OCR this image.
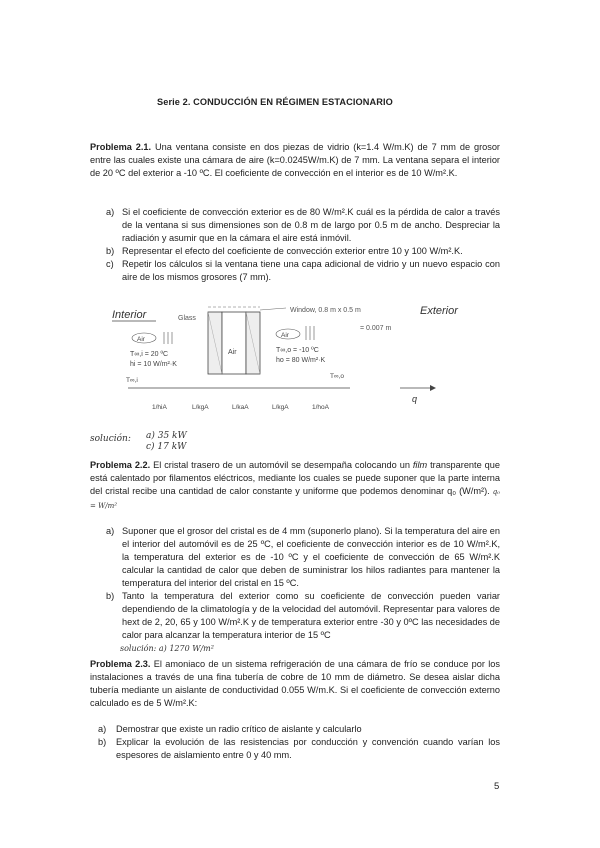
Serie 2. CONDUCCIÓN EN RÉGIMEN ESTACIONARIO
Problema 2.1. Una ventana consiste en dos piezas de vidrio (k=1.4 W/m.K) de 7 mm de grosor entre las cuales existe una cámara de aire (k=0.0245W/m.K) de 7 mm. La ventana separa el interior de 20 ºC del exterior a -10 ºC. El coeficiente de convección en el interior es de 10 W/m².K.
a) Si el coeficiente de convección exterior es de 80 W/m².K cuál es la pérdida de calor a través de la ventana si sus dimensiones son de 0.8 m de largo por 0.5 m de ancho. Despreciar la radiación y asumir que en la cámara el aire está inmóvil.
b) Representar el efecto del coeficiente de convección exterior entre 10 y 100 W/m².K.
c) Repetir los cálculos si la ventana tiene una capa adicional de vidrio y un nuevo espacio con aire de los mismos grosores (7 mm).
Interior	Exterior
Glass
Window, 0.8 m x 0.5 m
= 0.007 m
Air
Air
T∞,i = 20 ºC
hi = 10 W/m²·K
Air
T∞,o = -10 ºC
ho = 80 W/m²·K
T∞,i
T∞,o
q
1/hiA	L/kgA	L/kaA	L/kgA	1/hoA
solución: a) 35 kW
c) 17 kW
Problema 2.2. El cristal trasero de un automóvil se desempaña colocando un film transparente que está calentado por filamentos eléctricos, mediante los cuales se puede suponer que la parte interna del cristal recibe una cantidad de calor constante y uniforme que podemos denominar q₀ (W/m²). q₀ = W/m²
a) Suponer que el grosor del cristal es de 4 mm (suponerlo plano). Si la temperatura del aire en el interior del automóvil es de 25 ºC, el coeficiente de convección interior es de 10 W/m².K, la temperatura del exterior es de -10 ºC y el coeficiente de convección de 65 W/m².K calcular la cantidad de calor que deben de suministrar los hilos radiantes para mantener la temperatura del interior del cristal en 15 ºC.
b) Tanto la temperatura del exterior como su coeficiente de convección pueden variar dependiendo de la climatología y de la velocidad del automóvil. Representar para valores de hext de 2, 20, 65 y 100 W/m².K y de temperatura exterior entre -30 y 0ºC las necesidades de calor para alcanzar la temperatura interior de 15 ºC
solución: a) 1270 W/m²
Problema 2.3. El amoniaco de un sistema refrigeración de una cámara de frío se conduce por los instalaciones a través de una fina tubería de cobre de 10 mm de diámetro. Se desea aislar dicha tubería mediante un aislante de conductividad 0.055 W/m.K. Si el coeficiente de convección externo calculado es de 5 W/m².K:
a) Demostrar que existe un radio crítico de aislante y calcularlo
b) Explicar la evolución de las resistencias por conducción y convención cuando varían los espesores de aislamiento entre 0 y 40 mm.
5
